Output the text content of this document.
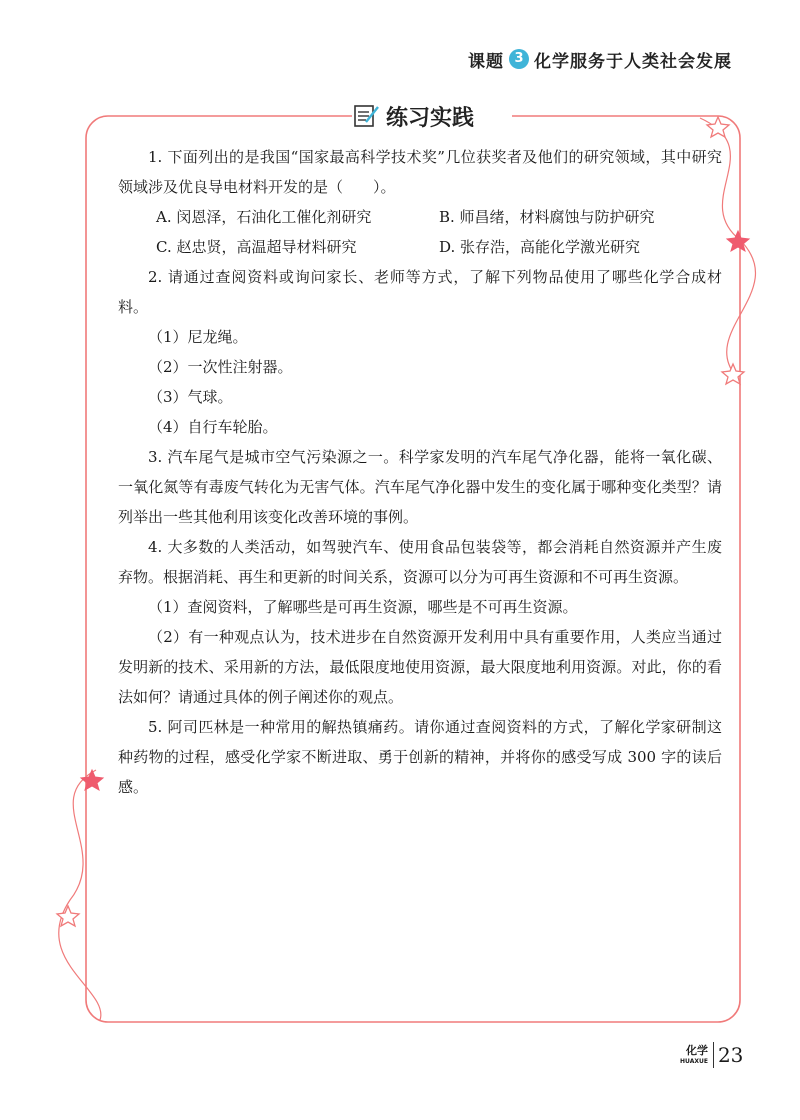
课题 3 化学服务于人类社会发展
练习实践

1. 下面列出的是我国“国家最高科学技术奖”几位获奖者及他们的研究领域，其中研究领域涉及优良导电材料开发的是（　　）。

A. 闵恩泽，石油化工催化剂研究	B. 师昌绪，材料腐蚀与防护研究
C. 赵忠贤，高温超导材料研究	D. 张存浩，高能化学激光研究

2. 请通过查阅资料或询问家长、老师等方式，了解下列物品使用了哪些化学合成材料。

（1）尼龙绳。

（2）一次性注射器。

（3）气球。

（4）自行车轮胎。

3. 汽车尾气是城市空气污染源之一。科学家发明的汽车尾气净化器，能将一氧化碳、一氧化氮等有毒废气转化为无害气体。汽车尾气净化器中发生的变化属于哪种变化类型？请列举出一些其他利用该变化改善环境的事例。

4. 大多数的人类活动，如驾驶汽车、使用食品包装袋等，都会消耗自然资源并产生废弃物。根据消耗、再生和更新的时间关系，资源可以分为可再生资源和不可再生资源。

（1）查阅资料，了解哪些是可再生资源，哪些是不可再生资源。

（2）有一种观点认为，技术进步在自然资源开发利用中具有重要作用，人类应当通过发明新的技术、采用新的方法，最低限度地使用资源，最大限度地利用资源。对此，你的看法如何？请通过具体的例子阐述你的观点。

5. 阿司匹林是一种常用的解热镇痛药。请你通过查阅资料的方式，了解化学家研制这种药物的过程，感受化学家不断进取、勇于创新的精神，并将你的感受写成 300 字的读后感。

化学
HUAXUE 23
